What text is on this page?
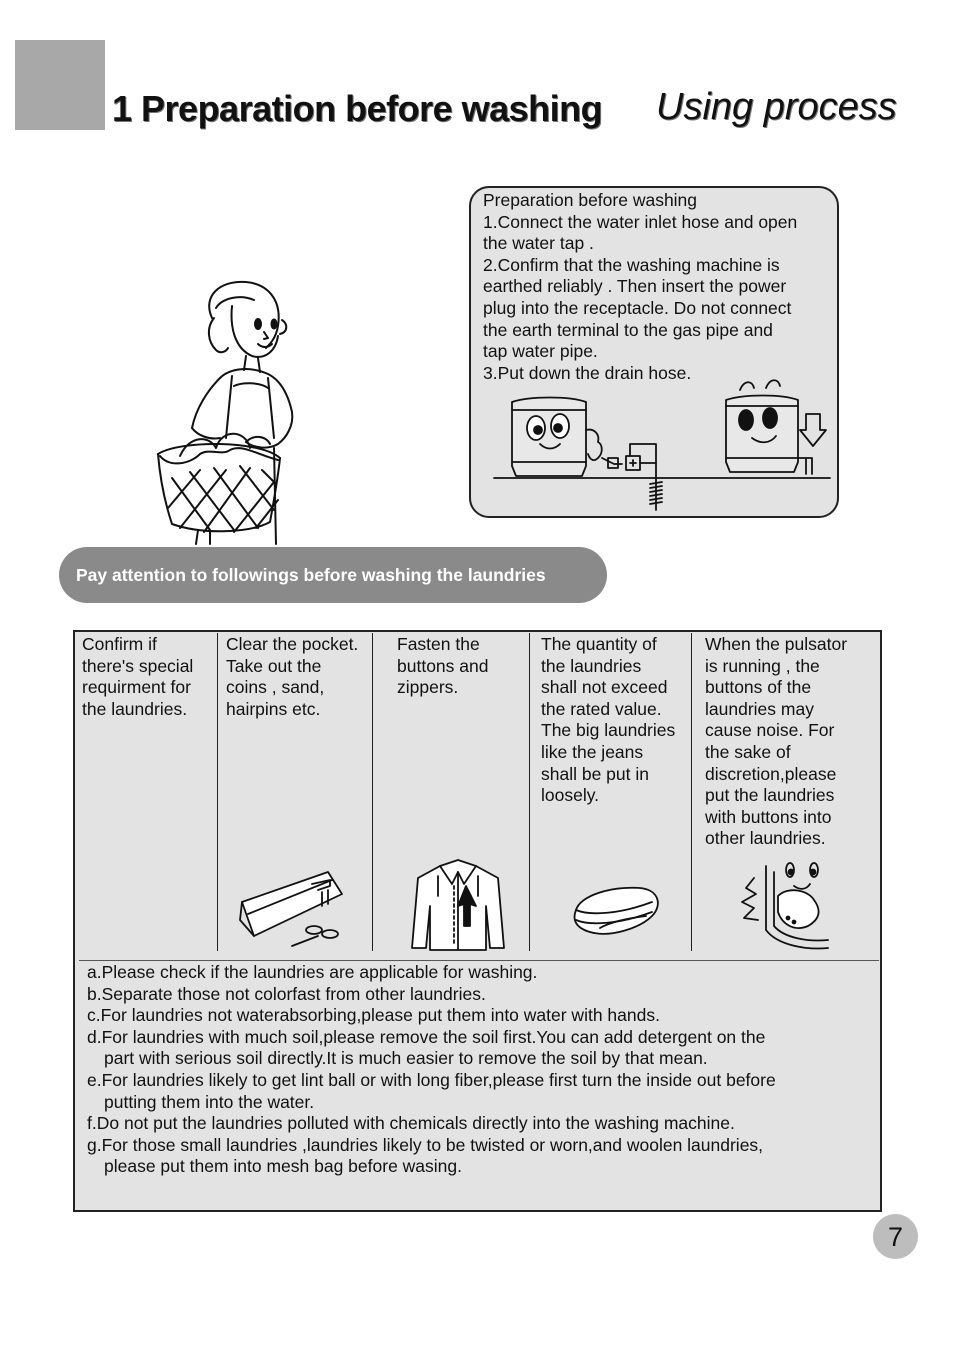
1 Preparation before washing Using process
Preparation before washing
1.Connect the water inlet hose and open
the water tap .
2.Confirm that the washing machine is
earthed reliably . Then insert the power
plug into the receptacle. Do not connect
the earth terminal to the gas pipe and
tap water pipe.
3.Put down the drain hose.
Pay attention to followings before washing the laundries
Confirm if
there's special
requirment for
the laundries.
Clear the pocket.
Take out the
coins , sand,
hairpins etc.
Fasten the
buttons and
zippers.
The quantity of
the laundries
shall not exceed
the rated value.
The big laundries
like the jeans
shall be put in
loosely.
When the pulsator
is running , the
buttons of the
laundries may
cause noise. For
the sake of
discretion,please
put the laundries
with buttons into
other laundries.
a.Please check if the laundries are applicable for washing.
b.Separate those not colorfast from other laundries.
c.For laundries not waterabsorbing,please put them into water with hands.
d.For laundries with much soil,please remove the soil first.You can add detergent on the
part with serious soil directly.It is much easier to remove the soil by that mean.
e.For laundries likely to get lint ball or with long fiber,please first turn the inside out before
putting them into the water.
f.Do not put the laundries polluted with chemicals directly into the washing machine.
g.For those small laundries ,laundries likely to be twisted or worn,and woolen laundries,
please put them into mesh bag before wasing.
7
